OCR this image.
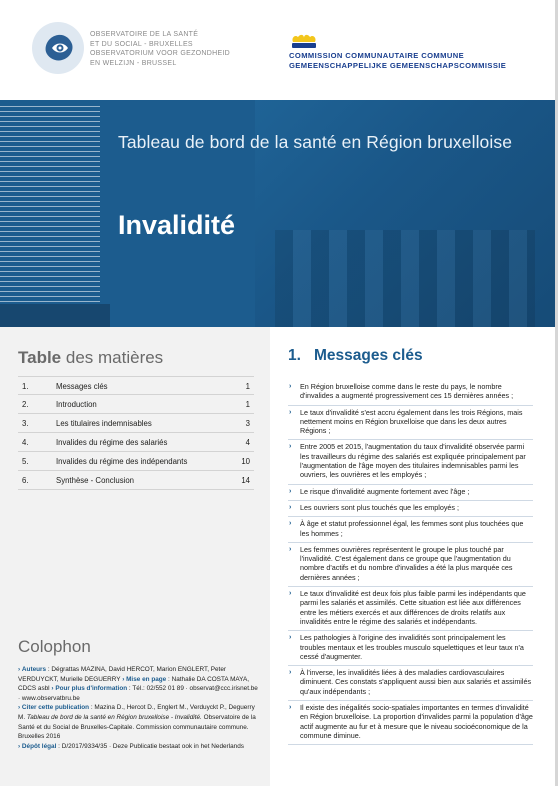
OBSERVATOIRE DE LA SANTÉ
ET DU SOCIAL - BRUXELLES
OBSERVATORIUM VOOR GEZONDHEID
EN WELZIJN - BRUSSEL
COMMISSION COMMUNAUTAIRE COMMUNE
GEMEENSCHAPPELIJKE GEMEENSCHAPSCOMMISSIE
Tableau de bord de la santé en Région bruxelloise
Invalidité
Table des matières
1.	Messages clés	1
2.	Introduction	1
3.	Les titulaires indemnisables	3
4.	Invalides du régime des salariés	4
5.	Invalides du régime des indépendants	10
6.	Synthèse - Conclusion	14
Colophon
› Auteurs : Dégrattas MAZINA, David HERCOT, Marion ENGLERT, Peter VERDUYCKT, Murielle DEGUERRY › Mise en page : Nathalie DA COSTA MAYA, CDCS asbl › Pour plus d'information : Tél.: 02/552 01 89 · observat@ccc.irisnet.be · www.observatbru.be
› Citer cette publication : Mazina D., Hercot D., Englert M., Verduyckt P., Deguerry M. Tableau de bord de la santé en Région bruxelloise - Invalidité. Observatoire de la Santé et du Social de Bruxelles-Capitale. Commission communautaire commune. Bruxelles 2016
› Dépôt légal : D/2017/9334/35 · Deze Publicatie bestaat ook in het Nederlands
1. Messages clés
› En Région bruxelloise comme dans le reste du pays, le nombre d'invalides a augmenté progressivement ces 15 dernières années ;
› Le taux d'invalidité s'est accru également dans les trois Régions, mais nettement moins en Région bruxelloise que dans les deux autres Régions ;
› Entre 2005 et 2015, l'augmentation du taux d'invalidité observée parmi les travailleurs du régime des salariés est expliquée principalement par l'augmentation de l'âge moyen des titulaires indemnisables parmi les ouvriers, les ouvrières et les employés ;
› Le risque d'invalidité augmente fortement avec l'âge ;
› Les ouvriers sont plus touchés que les employés ;
› À âge et statut professionnel égal, les femmes sont plus touchées que les hommes ;
› Les femmes ouvrières représentent le groupe le plus touché par l'invalidité. C'est également dans ce groupe que l'augmentation du nombre d'actifs et du nombre d'invalides a été la plus marquée ces dernières années ;
› Le taux d'invalidité est deux fois plus faible parmi les indépendants que parmi les salariés et assimilés. Cette situation est liée aux différences entre les métiers exercés et aux différences de droits relatifs aux invalidités entre le régime des salariés et indépendants.
› Les pathologies à l'origine des invalidités sont principalement les troubles mentaux et les troubles musculo squelettiques et leur taux n'a cessé d'augmenter.
› À l'inverse, les invalidités liées à des maladies cardiovasculaires diminuent. Ces constats s'appliquent aussi bien aux salariés et assimilés qu'aux indépendants ;
› Il existe des inégalités socio-spatiales importantes en termes d'invalidité en Région bruxelloise. La proportion d'invalides parmi la population d'âge actif augmente au fur et à mesure que le niveau socioéconomique de la commune diminue.
